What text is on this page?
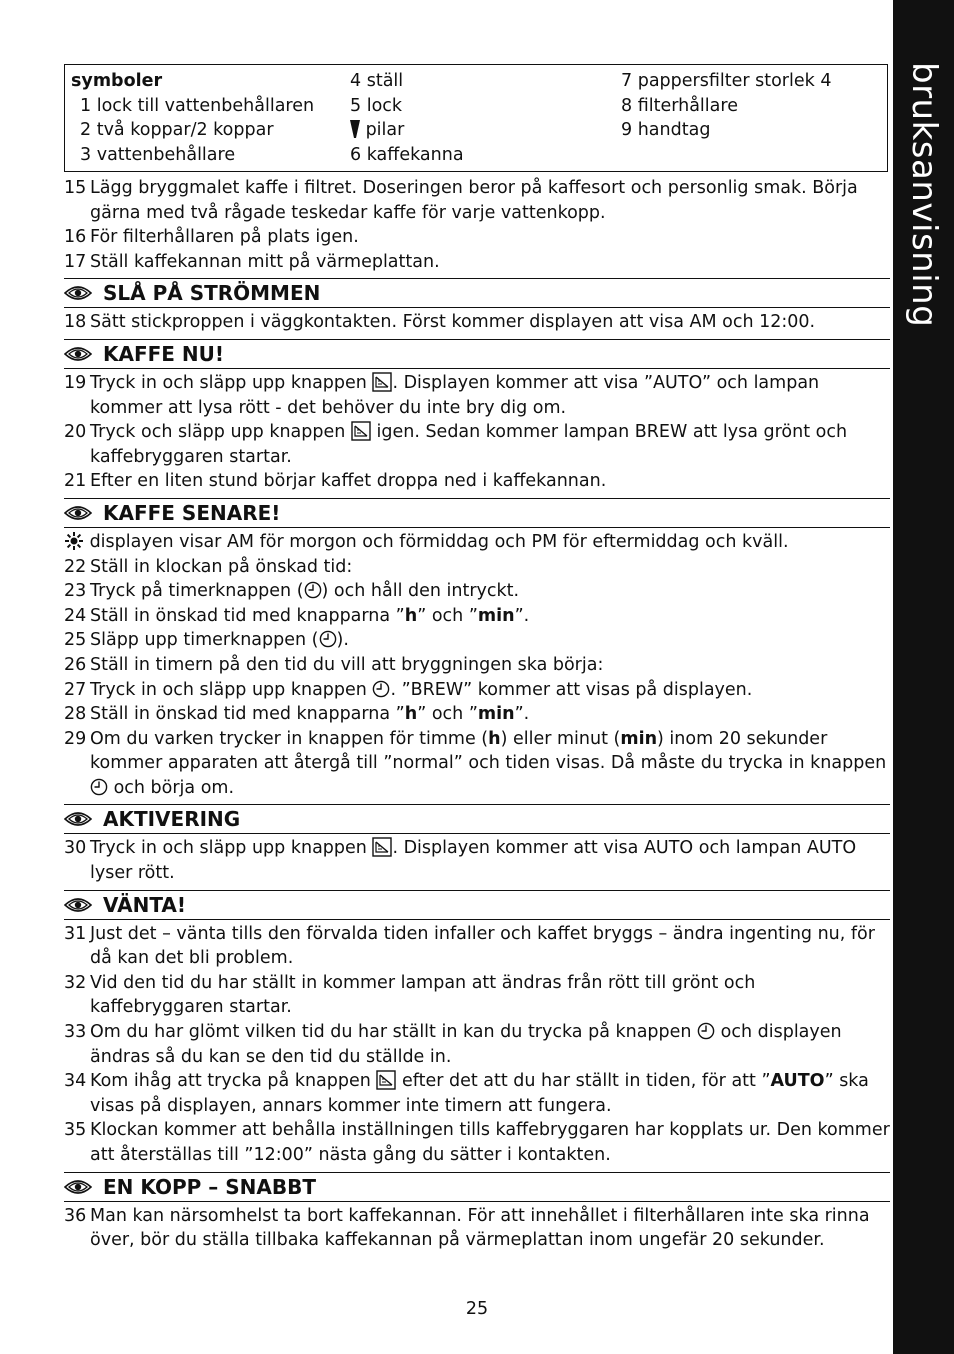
bruksanvisning
symboler
1 lock till vattenbehållaren
2 två koppar/2 koppar
3 vattenbehållare
4 ställ
5 lock
pilar
6 kaffekanna
7 pappersfilter storlek 4
8 filterhållare
9 handtag
15 Lägg bryggmalet kaffe i filtret. Doseringen beror på kaffesort och personlig smak. Börja gärna med två rågade teskedar kaffe för varje vattenkopp.
16 För filterhållaren på plats igen.
17 Ställ kaffekannan mitt på värmeplattan.
SLÅ PÅ STRÖMMEN
18 Sätt stickproppen i väggkontakten. Först kommer displayen att visa AM och 12:00.
KAFFE NU!
19 Tryck in och släpp upp knappen . Displayen kommer att visa ”AUTO” och lampan kommer att lysa rött - det behöver du inte bry dig om.
20 Tryck och släpp upp knappen  igen. Sedan kommer lampan BREW att lysa grönt och kaffebryggaren startar.
21 Efter en liten stund börjar kaffet droppa ned i kaffekannan.
KAFFE SENARE!
displayen visar AM för morgon och förmiddag och PM för eftermiddag och kväll.
22 Ställ in klockan på önskad tid:
23 Tryck på timerknappen ( ) och håll den intryckt.
24 Ställ in önskad tid med knapparna ”h” och ”min”.
25 Släpp upp timerknappen ( ).
26 Ställ in timern på den tid du vill att bryggningen ska börja:
27 Tryck in och släpp upp knappen . ”BREW” kommer att visas på displayen.
28 Ställ in önskad tid med knapparna ”h” och ”min”.
29 Om du varken trycker in knappen för timme (h) eller minut (min) inom 20 sekunder kommer apparaten att återgå till ”normal” och tiden visas. Då måste du trycka in knappen  och börja om.
AKTIVERING
30 Tryck in och släpp upp knappen . Displayen kommer att visa AUTO och lampan AUTO lyser rött.
VÄNTA!
31 Just det – vänta tills den förvalda tiden infaller och kaffet bryggs – ändra ingenting nu, för då kan det bli problem.
32 Vid den tid du har ställt in kommer lampan att ändras från rött till grönt och kaffebryggaren startar.
33 Om du har glömt vilken tid du har ställt in kan du trycka på knappen  och displayen ändras så du kan se den tid du ställde in.
34 Kom ihåg att trycka på knappen  efter det att du har ställt in tiden, för att ”AUTO” ska visas på displayen, annars kommer inte timern att fungera.
35 Klockan kommer att behålla inställningen tills kaffebryggaren har kopplats ur. Den kommer att återställas till ”12:00” nästa gång du sätter i kontakten.
EN KOPP – SNABBT
36 Man kan närsomhelst ta bort kaffekannan. För att innehållet i filterhållaren inte ska rinna över, bör du ställa tillbaka kaffekannan på värmeplattan inom ungefär 20 sekunder.
25
